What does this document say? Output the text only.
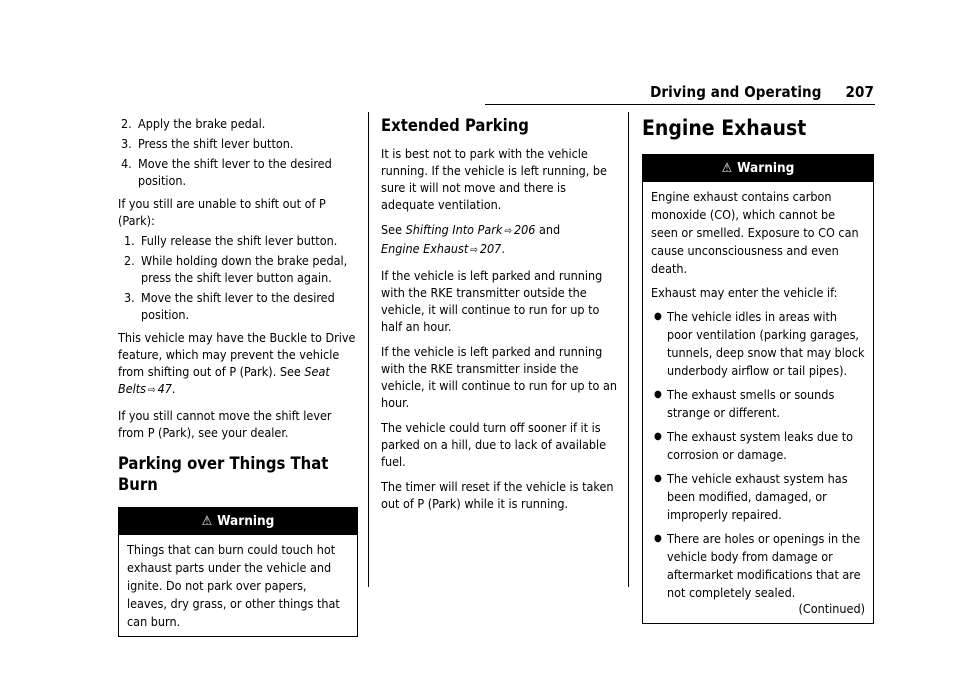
Driving and Operating 207
2. Apply the brake pedal.
3. Press the shift lever button.
4. Move the shift lever to the desired position.

If you still are unable to shift out of P (Park):

1. Fully release the shift lever button.
2. While holding down the brake pedal, press the shift lever button again.
3. Move the shift lever to the desired position.

This vehicle may have the Buckle to Drive feature, which may prevent the vehicle from shifting out of P (Park). See Seat Belts ⇨ 47.

If you still cannot move the shift lever from P (Park), see your dealer.

Parking over Things That Burn
⚠ Warning

Things that can burn could touch hot exhaust parts under the vehicle and ignite. Do not park over papers, leaves, dry grass, or other things that can burn.

Extended Parking

It is best not to park with the vehicle running. If the vehicle is left running, be sure it will not move and there is adequate ventilation.

See Shifting Into Park ⇨ 206 and
Engine Exhaust ⇨ 207.

If the vehicle is left parked and running with the RKE transmitter outside the vehicle, it will continue to run for up to half an hour.

If the vehicle is left parked and running with the RKE transmitter inside the vehicle, it will continue to run for up to an hour.

The vehicle could turn off sooner if it is parked on a hill, due to lack of available fuel.

The timer will reset if the vehicle is taken out of P (Park) while it is running.

Engine Exhaust
⚠ Warning

Engine exhaust contains carbon monoxide (CO), which cannot be seen or smelled. Exposure to CO can cause unconsciousness and even death.

Exhaust may enter the vehicle if:

● The vehicle idles in areas with poor ventilation (parking garages, tunnels, deep snow that may block underbody airflow or tail pipes).
● The exhaust smells or sounds strange or different.
● The exhaust system leaks due to corrosion or damage.
● The vehicle exhaust system has been modified, damaged, or improperly repaired.
● There are holes or openings in the vehicle body from damage or aftermarket modifications that are not completely sealed.
(Continued)
